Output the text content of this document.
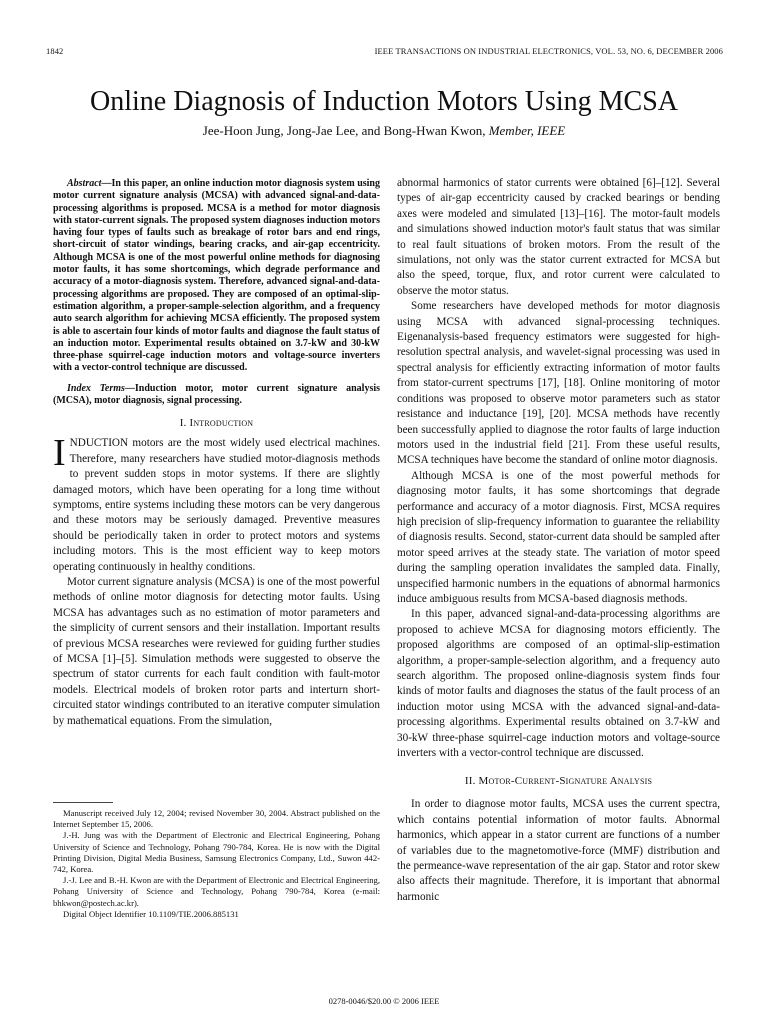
1842	IEEE TRANSACTIONS ON INDUSTRIAL ELECTRONICS, VOL. 53, NO. 6, DECEMBER 2006
Online Diagnosis of Induction Motors Using MCSA
Jee-Hoon Jung, Jong-Jae Lee, and Bong-Hwan Kwon, Member, IEEE

Abstract—In this paper, an online induction motor diagnosis system using motor current signature analysis (MCSA) with advanced signal-and-data-processing algorithms is proposed. MCSA is a method for motor diagnosis with stator-current signals. The proposed system diagnoses induction motors having four types of faults such as breakage of rotor bars and end rings, short-circuit of stator windings, bearing cracks, and air-gap eccentricity. Although MCSA is one of the most powerful online methods for diagnosing motor faults, it has some shortcomings, which degrade performance and accuracy of a motor-diagnosis system. Therefore, advanced signal-and-data-processing algorithms are proposed. They are composed of an optimal-slip-estimation algorithm, a proper-sample-selection algorithm, and a frequency auto search algorithm for achieving MCSA efficiently. The proposed system is able to ascertain four kinds of motor faults and diagnose the fault status of an induction motor. Experimental results obtained on 3.7-kW and 30-kW three-phase squirrel-cage induction motors and voltage-source inverters with a vector-control technique are discussed.

Index Terms—Induction motor, motor current signature analysis (MCSA), motor diagnosis, signal processing.

I. Introduction

INDUCTION motors are the most widely used electrical machines. Therefore, many researchers have studied motor-diagnosis methods to prevent sudden stops in motor systems. If there are slightly damaged motors, which have been operating for a long time without symptoms, entire systems including these motors can be very dangerous and these motors may be seriously damaged. Preventive measures should be periodically taken in order to protect motors and systems including motors. This is the most efficient way to keep motors operating continuously in healthy conditions.

Motor current signature analysis (MCSA) is one of the most powerful methods of online motor diagnosis for detecting motor faults. Using MCSA has advantages such as no estimation of motor parameters and the simplicity of current sensors and their installation. Important results of previous MCSA researches were reviewed for guiding further studies of MCSA [1]–[5]. Simulation methods were suggested to observe the spectrum of stator currents for each fault condition with fault-motor models. Electrical models of broken rotor parts and interturn short-circuited stator windings contributed to an iterative computer simulation by mathematical equations. From the simulation,

Manuscript received July 12, 2004; revised November 30, 2004. Abstract published on the Internet September 15, 2006.

J.-H. Jung was with the Department of Electronic and Electrical Engineering, Pohang University of Science and Technology, Pohang 790-784, Korea. He is now with the Digital Printing Division, Digital Media Business, Samsung Electronics Company, Ltd., Suwon 442-742, Korea.

J.-J. Lee and B.-H. Kwon are with the Department of Electronic and Electrical Engineering, Pohang University of Science and Technology, Pohang 790-784, Korea (e-mail: bhkwon@postech.ac.kr).

Digital Object Identifier 10.1109/TIE.2006.885131

abnormal harmonics of stator currents were obtained [6]–[12]. Several types of air-gap eccentricity caused by cracked bearings or bending axes were modeled and simulated [13]–[16]. The motor-fault models and simulations showed induction motor's fault status that was similar to real fault situations of broken motors. From the result of the simulations, not only was the stator current extracted for MCSA but also the speed, torque, flux, and rotor current were calculated to observe the motor status.

Some researchers have developed methods for motor diagnosis using MCSA with advanced signal-processing techniques. Eigenanalysis-based frequency estimators were suggested for high-resolution spectral analysis, and wavelet-signal processing was used in spectral analysis for efficiently extracting information of motor faults from stator-current spectrums [17], [18]. Online monitoring of motor conditions was proposed to observe motor parameters such as stator resistance and inductance [19], [20]. MCSA methods have recently been successfully applied to diagnose the rotor faults of large induction motors used in the industrial field [21]. From these useful results, MCSA techniques have become the standard of online motor diagnosis.

Although MCSA is one of the most powerful methods for diagnosing motor faults, it has some shortcomings that degrade performance and accuracy of a motor diagnosis. First, MCSA requires high precision of slip-frequency information to guarantee the reliability of diagnosis results. Second, stator-current data should be sampled after motor speed arrives at the steady state. The variation of motor speed during the sampling operation invalidates the sampled data. Finally, unspecified harmonic numbers in the equations of abnormal harmonics induce ambiguous results from MCSA-based diagnosis methods.

In this paper, advanced signal-and-data-processing algorithms are proposed to achieve MCSA for diagnosing motors efficiently. The proposed algorithms are composed of an optimal-slip-estimation algorithm, a proper-sample-selection algorithm, and a frequency auto search algorithm. The proposed online-diagnosis system finds four kinds of motor faults and diagnoses the status of the fault process of an induction motor using MCSA with the advanced signal-and-data-processing algorithms. Experimental results obtained on 3.7-kW and 30-kW three-phase squirrel-cage induction motors and voltage-source inverters with a vector-control technique are discussed.

II. Motor-Current-Signature Analysis

In order to diagnose motor faults, MCSA uses the current spectra, which contains potential information of motor faults. Abnormal harmonics, which appear in a stator current are functions of a number of variables due to the magnetomotive-force (MMF) distribution and the permeance-wave representation of the air gap. Stator and rotor skew also affects their magnitude. Therefore, it is important that abnormal harmonic

0278-0046/$20.00 © 2006 IEEE
